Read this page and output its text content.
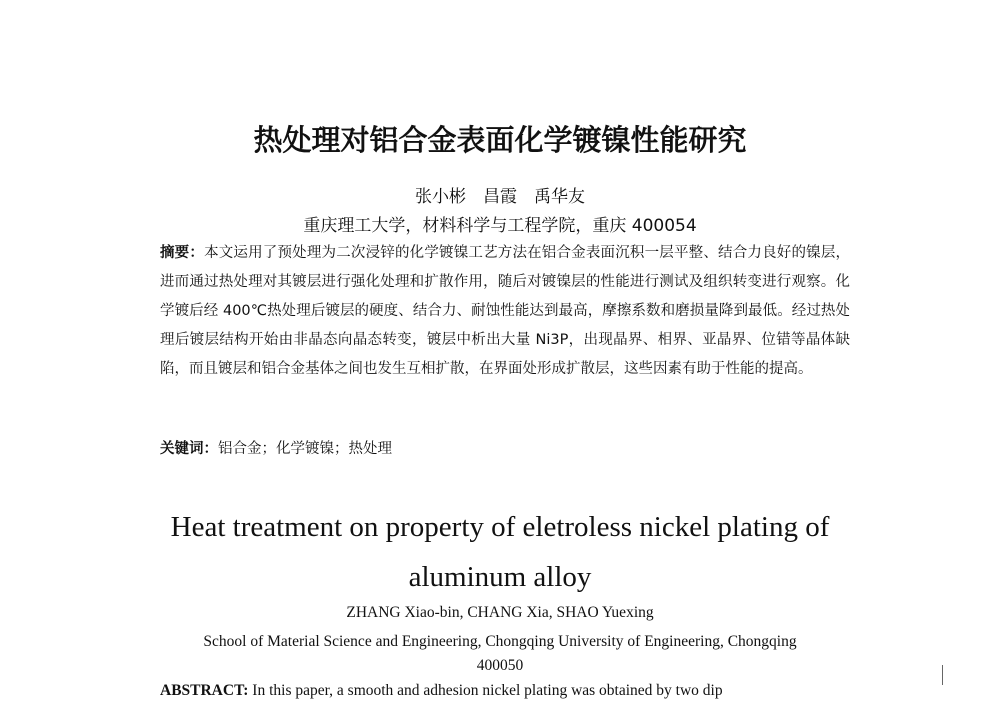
热处理对铝合金表面化学镀镍性能研究
张小彬　昌霞　禹华友
重庆理工大学，材料科学与工程学院，重庆 400054
摘要：本文运用了预处理为二次浸锌的化学镀镍工艺方法在铝合金表面沉积一层平整、结合力良好的镍层，进而通过热处理对其镀层进行强化处理和扩散作用，随后对镀镍层的性能进行测试及组织转变进行观察。化学镀后经 400℃热处理后镀层的硬度、结合力、耐蚀性能达到最高，摩擦系数和磨损量降到最低。经过热处理后镀层结构开始由非晶态向晶态转变，镀层中析出大量 Ni3P，出现晶界、相界、亚晶界、位错等晶体缺陷，而且镀层和铝合金基体之间也发生互相扩散，在界面处形成扩散层，这些因素有助于性能的提高。
关键词：铝合金；化学镀镍；热处理
Heat treatment on property of eletroless nickel plating of
aluminum alloy
ZHANG Xiao-bin, CHANG Xia, SHAO Yuexing
School of Material Science and Engineering, Chongqing University of Engineering, Chongqing
400050
ABSTRACT: In this paper, a smooth and adhesion nickel plating was obtained by two dip
